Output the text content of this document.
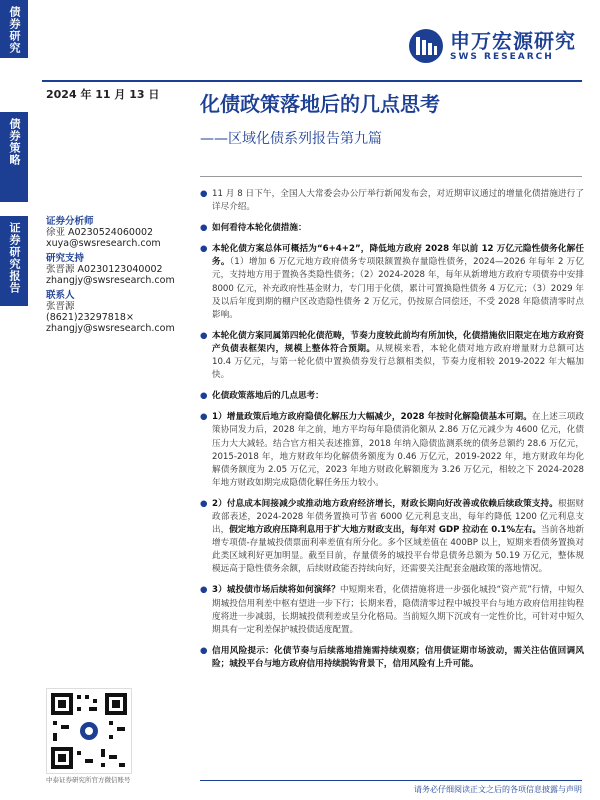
债券研究
债券策略
证券研究报告
申万宏源研究
SWS RESEARCH
2024 年 11 月 13 日 化债政策落地后的几点思考
——区域化债系列报告第九篇
证券分析师
徐亚 A0230524060002
xuya@swsresearch.com
研究支持
张晋源 A0230123040002
zhangjy@swsresearch.com
联系人
张晋源
(8621)23297818×
zhangjy@swsresearch.com
● 11 月 8 日下午，全国人大常委会办公厅举行新闻发布会，对近期审议通过的增量化债措施进行了详尽介绍。
● 如何看待本轮化债措施：
● 本轮化债方案总体可概括为“6+4+2”，降低地方政府 2028 年以前 12 万亿元隐性债务化解任务。（1）增加 6 万亿元地方政府债务专项限额置换存量隐性债务，2024—2026 年每年 2 万亿元，支持地方用于置换各类隐性债务；（2）2024-2028 年，每年从新增地方政府专项债券中安排 8000 亿元，补充政府性基金财力，专门用于化债，累计可置换隐性债务 4 万亿元；（3）2029 年及以后年度到期的棚户区改造隐性债务 2 万亿元，仍按原合同偿还，不受 2028 年隐债清零时点影响。
● 本轮化债方案同属第四轮化债范畴，节奏力度较此前均有所加快，化债措施依旧限定在地方政府资产负债表框架内，规模上整体符合预期。从规模来看，本轮化债对地方政府增量财力总额可达 10.4 万亿元，与第一轮化债中置换债券发行总额相类似，节奏力度相较 2019-2022 年大幅加快。
● 化债政策落地后的几点思考：
● 1）增量政策后地方政府隐债化解压力大幅减少，2028 年按时化解隐债基本可期。在上述三项政策协同发力后，2028 年之前，地方平均每年隐债消化额从 2.86 万亿元减少为 4600 亿元，化债压力大大减轻。结合官方相关表述推算，2018 年纳入隐债监测系统的债务总额约 28.6 万亿元，2015-2018 年，地方财政年均化解债务额度为 0.46 万亿元，2019-2022 年，地方财政年均化解债务额度为 2.05 万亿元，2023 年地方财政化解额度为 3.26 万亿元，相较之下 2024-2028 年地方财政如期完成隐债化解任务压力较小。
● 2）付息成本间接减少或推动地方政府经济增长，财政长期向好改善或依赖后续政策支持。根据财政部表述，2024-2028 年债务置换可节省 6000 亿元利息支出，每年约降低 1200 亿元利息支出，假定地方政府压降利息用于扩大地方财政支出，每年对 GDP 拉动在 0.1%左右。当前各地新增专项债-存量城投债票面利率差值有所分化。多个区域差值在 400BP 以上，短期来看债务置换对此类区域利好更加明显。截至目前，存量债务的城投平台带息债务总额为 50.19 万亿元，整体规模远高于隐性债务余额，后续财政能否持续向好，还需要关注配套金融政策的落地情况。
● 3）城投债市场后续将如何演绎？中短期来看，化债措施将进一步强化城投“资产荒”行情，中短久期城投信用利差中枢有望进一步下行；长期来看，隐债清零过程中城投平台与地方政府信用挂钩程度将进一步减弱，长期城投债利差或呈分化格局。当前短久期下沉或有一定性价比，可针对中短久期具有一定利差保护城投债适度配置。
● 信用风险提示：化债节奏与后续落地措施需持续观察；信用债证期市场波动，需关注估值回调风险；城投平台与地方政府信用持续脱钩背景下，信用风险有上升可能。
中泰证券研究所官方微信账号
请务必仔细阅读正文之后的各项信息披露与声明
